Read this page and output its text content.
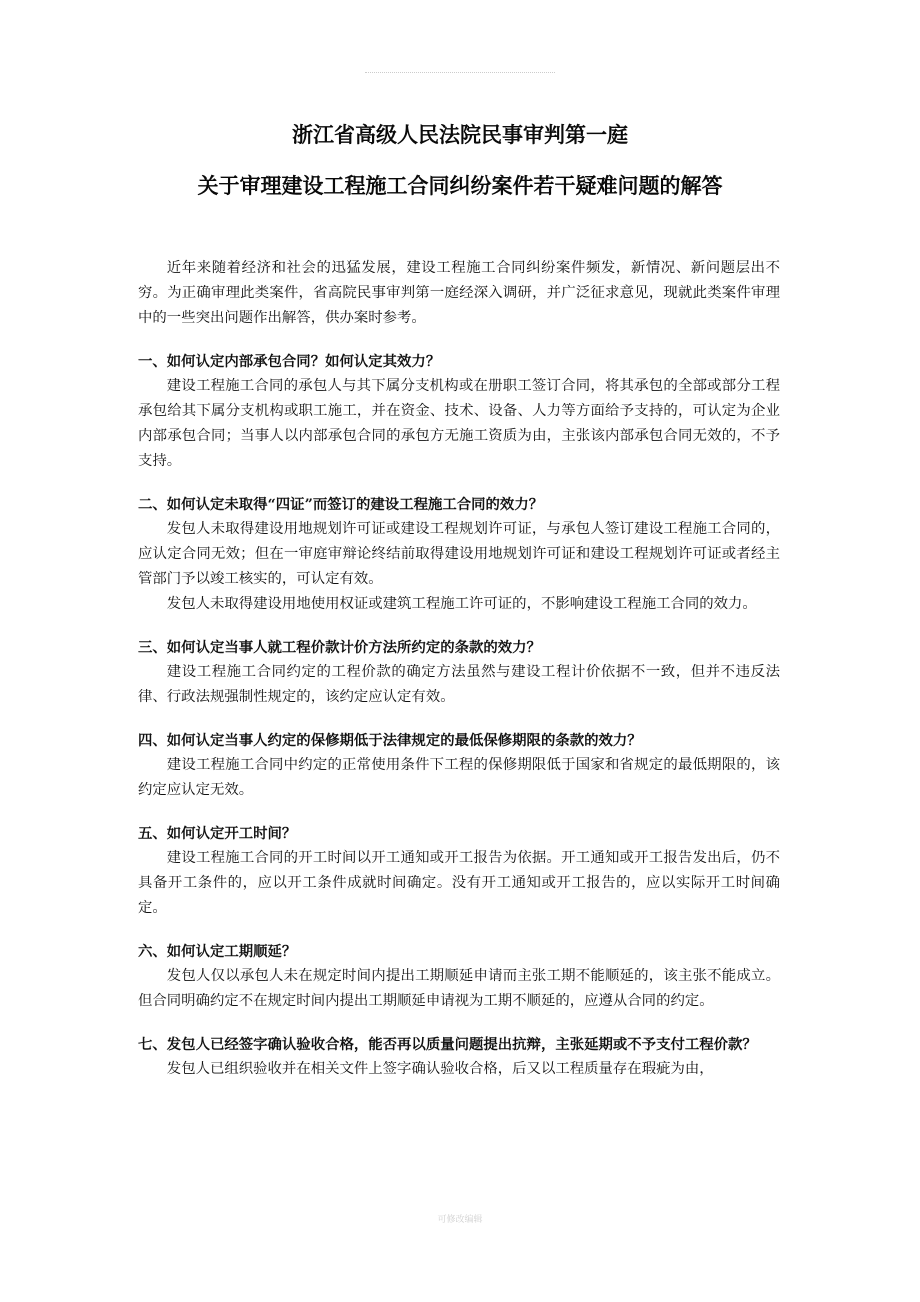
浙江省高级人民法院民事审判第一庭
关于审理建设工程施工合同纠纷案件若干疑难问题的解答

近年来随着经济和社会的迅猛发展，建设工程施工合同纠纷案件频发，新情况、新问题层出不穷。为正确审理此类案件，省高院民事审判第一庭经深入调研，并广泛征求意见，现就此类案件审理中的一些突出问题作出解答，供办案时参考。

一、如何认定内部承包合同？如何认定其效力？

建设工程施工合同的承包人与其下属分支机构或在册职工签订合同，将其承包的全部或部分工程承包给其下属分支机构或职工施工，并在资金、技术、设备、人力等方面给予支持的，可认定为企业内部承包合同；当事人以内部承包合同的承包方无施工资质为由，主张该内部承包合同无效的，不予支持。

二、如何认定未取得“四证”而签订的建设工程施工合同的效力？

发包人未取得建设用地规划许可证或建设工程规划许可证，与承包人签订建设工程施工合同的，应认定合同无效；但在一审庭审辩论终结前取得建设用地规划许可证和建设工程规划许可证或者经主管部门予以竣工核实的，可认定有效。

发包人未取得建设用地使用权证或建筑工程施工许可证的，不影响建设工程施工合同的效力。

三、如何认定当事人就工程价款计价方法所约定的条款的效力？

建设工程施工合同约定的工程价款的确定方法虽然与建设工程计价依据不一致，但并不违反法律、行政法规强制性规定的，该约定应认定有效。

四、如何认定当事人约定的保修期低于法律规定的最低保修期限的条款的效力？

建设工程施工合同中约定的正常使用条件下工程的保修期限低于国家和省规定的最低期限的，该约定应认定无效。

五、如何认定开工时间？

建设工程施工合同的开工时间以开工通知或开工报告为依据。开工通知或开工报告发出后，仍不具备开工条件的，应以开工条件成就时间确定。没有开工通知或开工报告的，应以实际开工时间确定。

六、如何认定工期顺延？

发包人仅以承包人未在规定时间内提出工期顺延申请而主张工期不能顺延的，该主张不能成立。但合同明确约定不在规定时间内提出工期顺延申请视为工期不顺延的，应遵从合同的约定。

七、发包人已经签字确认验收合格，能否再以质量问题提出抗辩，主张延期或不予支付工程价款？

发包人已组织验收并在相关文件上签字确认验收合格，后又以工程质量存在瑕疵为由，

可修改编辑
